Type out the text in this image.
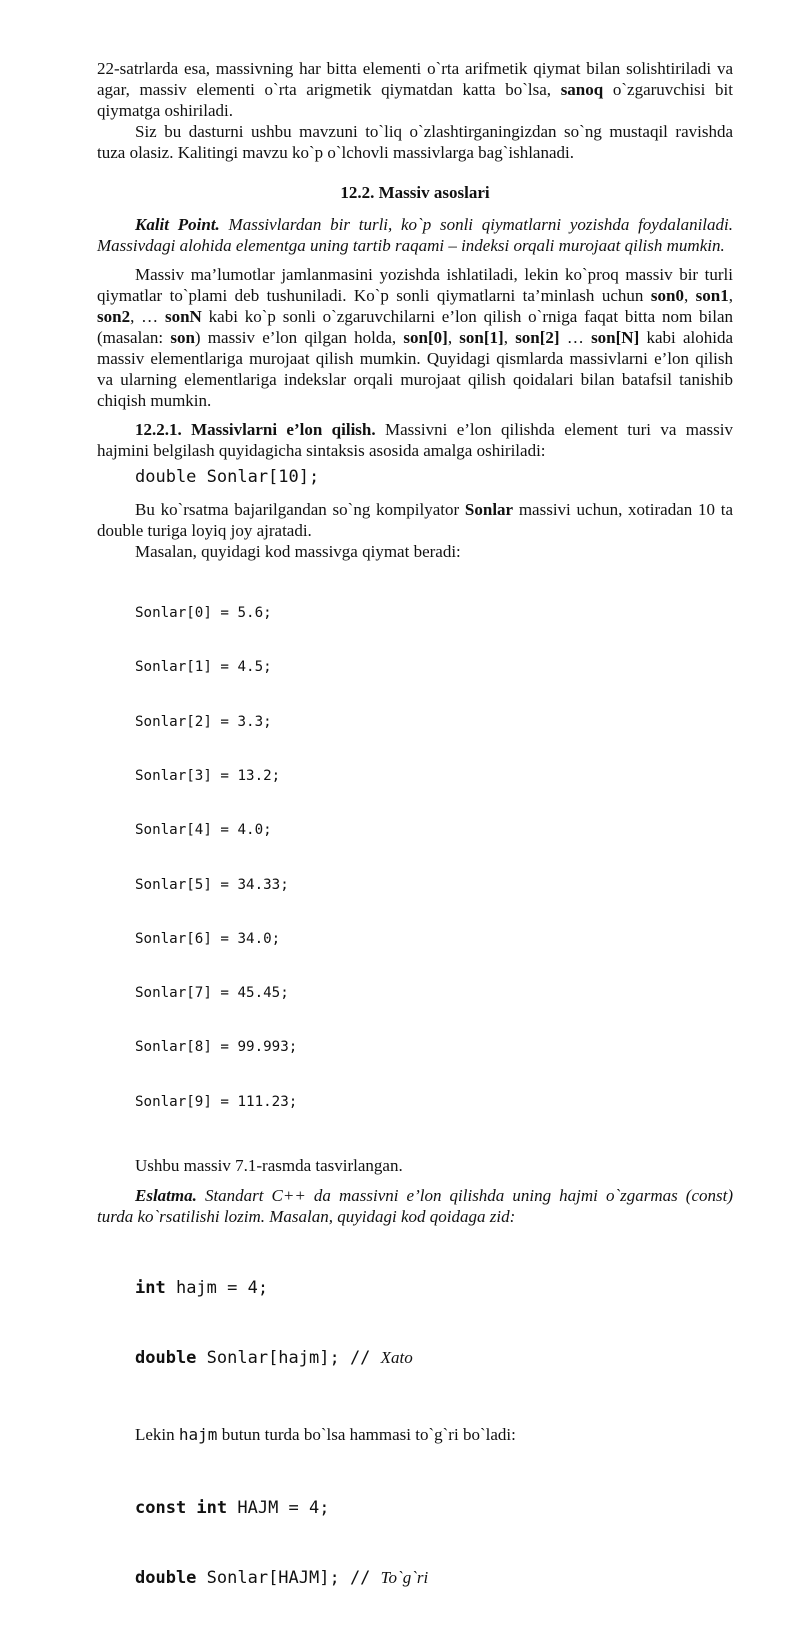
22-satrlarda esa, massivning har bitta elementi o`rta arifmetik qiymat bilan solishtiriladi va agar, massiv elementi o`rta arigmetik qiymatdan katta bo`lsa, sanoq o`zgaruvchisi bit qiymatga oshiriladi.

Siz bu dasturni ushbu mavzuni to`liq o`zlashtirganingizdan so`ng mustaqil ravishda tuza olasiz. Kalitingi mavzu ko`p o`lchovli massivlarga bag`ishlanadi.

12.2. Massiv asoslari

Kalit Point. Massivlardan bir turli, ko`p sonli qiymatlarni yozishda foydalaniladi. Massivdagi alohida elementga uning tartib raqami – indeksi orqali murojaat qilish mumkin.

Massiv ma’lumotlar jamlanmasini yozishda ishlatiladi, lekin ko`proq massiv bir turli qiymatlar to`plami deb tushuniladi. Ko`p sonli qiymatlarni ta’minlash uchun son0, son1, son2, … sonN kabi ko`p sonli o`zgaruvchilarni e’lon qilish o`rniga faqat bitta nom bilan (masalan: son) massiv e’lon qilgan holda, son[0], son[1], son[2] … son[N] kabi alohida massiv elementlariga murojaat qilish mumkin. Quyidagi qismlarda massivlarni e’lon qilish va ularning elementlariga indekslar orqali murojaat qilish qoidalari bilan batafsil tanishib chiqish mumkin.

12.2.1. Massivlarni e’lon qilish. Massivni e’lon qilishda element turi va massiv hajmini belgilash quyidagicha sintaksis asosida amalga oshiriladi:

double Sonlar[10];

Bu ko`rsatma bajarilgandan so`ng kompilyator Sonlar massivi uchun, xotiradan 10 ta double turiga loyiq joy ajratadi.

Masalan, quyidagi kod massivga qiymat beradi:

Sonlar[0] = 5.6;

Sonlar[1] = 4.5;

Sonlar[2] = 3.3;

Sonlar[3] = 13.2;

Sonlar[4] = 4.0;

Sonlar[5] = 34.33;

Sonlar[6] = 34.0;

Sonlar[7] = 45.45;

Sonlar[8] = 99.993;

Sonlar[9] = 111.23;

Ushbu massiv 7.1-rasmda tasvirlangan.

Eslatma. Standart C++ da massivni e’lon qilishda uning hajmi o`zgarmas (const) turda ko`rsatilishi lozim. Masalan, quyidagi kod qoidaga zid:

int hajm = 4;

double Sonlar[hajm]; // Xato

Lekin hajm butun turda bo`lsa hammasi to`g`ri bo`ladi:

const int HAJM = 4;

double Sonlar[HAJM]; // To`g`ri
